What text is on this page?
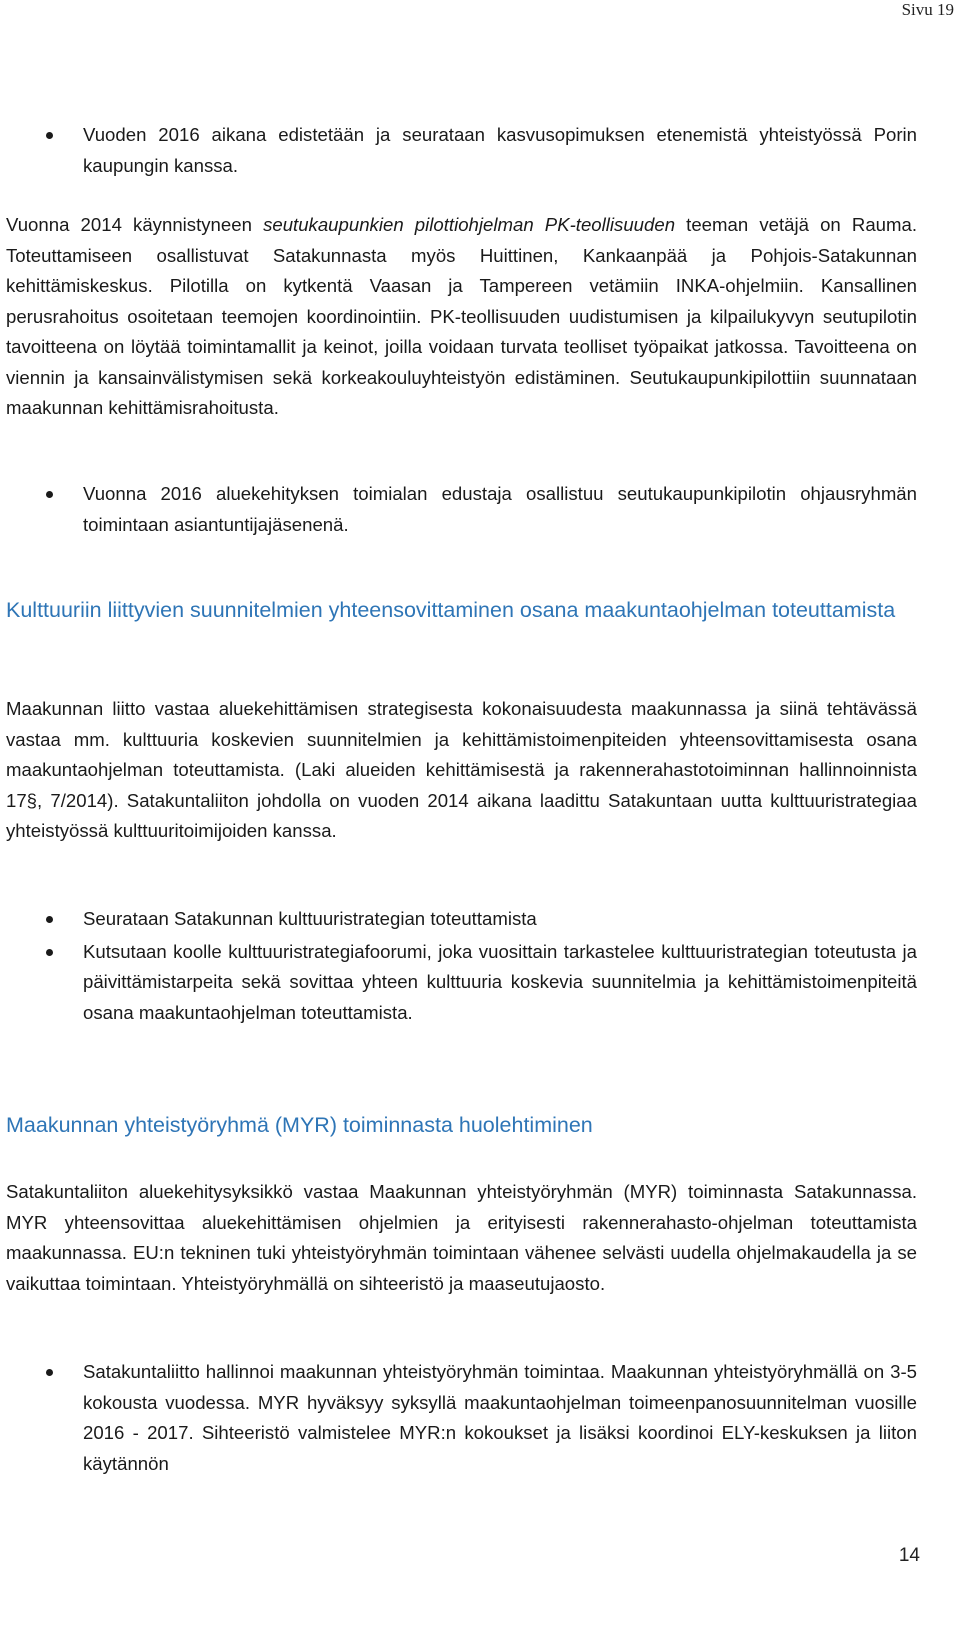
Sivu 19
Vuoden 2016 aikana edistetään ja seurataan kasvusopimuksen etenemistä yhteistyössä Porin kaupungin kanssa.
Vuonna 2014 käynnistyneen seutukaupunkien pilottiohjelman PK-teollisuuden teeman vetäjä on Rauma. Toteuttamiseen osallistuvat Satakunnasta myös Huittinen, Kankaanpää ja Pohjois-Satakunnan kehittämiskeskus. Pilotilla on kytkentä Vaasan ja Tampereen vetämiin INKA-ohjelmiin. Kansallinen perusrahoitus osoitetaan teemojen koordinointiin. PK-teollisuuden uudistumisen ja kilpailukyvyn seutupilotin tavoitteena on löytää toimintamallit ja keinot, joilla voidaan turvata teolliset työpaikat jatkossa. Tavoitteena on viennin ja kansainvälistymisen sekä korkeakouluyhteistyön edistäminen. Seutukaupunkipilottiin suunnataan maakunnan kehittämisrahoitusta.
Vuonna 2016 aluekehityksen toimialan edustaja osallistuu seutukaupunkipilotin ohjausryhmän toimintaan asiantuntijajäsenenä.
Kulttuuriin liittyvien suunnitelmien yhteensovittaminen osana maakuntaohjelman toteuttamista
Maakunnan liitto vastaa aluekehittämisen strategisesta kokonaisuudesta maakunnassa ja siinä tehtävässä vastaa mm. kulttuuria koskevien suunnitelmien ja kehittämistoimenpiteiden yhteensovittamisesta osana maakuntaohjelman toteuttamista. (Laki alueiden kehittämisestä ja rakennerahastotoiminnan hallinnoinnista 17§, 7/2014). Satakuntaliiton johdolla on vuoden 2014 aikana laadittu Satakuntaan uutta kulttuuristrategiaa yhteistyössä kulttuuritoimijoiden kanssa.
Seurataan Satakunnan kulttuuristrategian toteuttamista
Kutsutaan koolle kulttuuristrategiafoorumi, joka vuosittain tarkastelee kulttuuristrategian toteutusta ja päivittämistarpeita sekä sovittaa yhteen kulttuuria koskevia suunnitelmia ja kehittämistoimenpiteitä osana maakuntaohjelman toteuttamista.
Maakunnan yhteistyöryhmä (MYR) toiminnasta huolehtiminen
Satakuntaliiton aluekehitysyksikkö vastaa Maakunnan yhteistyöryhmän (MYR) toiminnasta Satakunnassa. MYR yhteensovittaa aluekehittämisen ohjelmien ja erityisesti rakennerahasto-ohjelman toteuttamista maakunnassa. EU:n tekninen tuki yhteistyöryhmän toimintaan vähenee selvästi uudella ohjelmakaudella ja se vaikuttaa toimintaan. Yhteistyöryhmällä on sihteeristö ja maaseutujaosto.
Satakuntaliitto hallinnoi maakunnan yhteistyöryhmän toimintaa. Maakunnan yhteistyöryhmällä on 3-5 kokousta vuodessa. MYR hyväksyy syksyllä maakuntaohjelman toimeenpanosuunnitelman vuosille 2016 - 2017. Sihteeristö valmistelee MYR:n kokoukset ja lisäksi koordinoi ELY-keskuksen ja liiton käytännön
14
